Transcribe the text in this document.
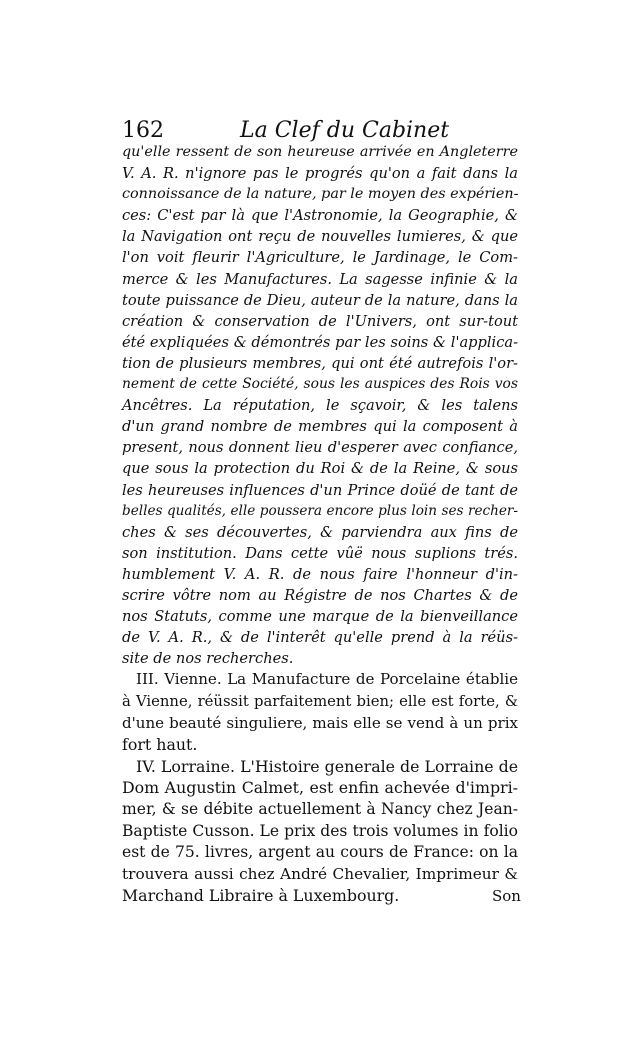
162	La Clef du Cabinet
qu'elle ressent de son heureuse arrivée en Angleterre
V. A. R. n'ignore pas le progrés qu'on a fait dans la
connoissance de la nature, par le moyen des expérien-
ces: C'est par là que l'Astronomie, la Geographie, &
la Navigation ont reçu de nouvelles lumieres, & que
l'on voit fleurir l'Agriculture, le Jardinage, le Com-
merce & les Manufactures. La sagesse infinie & la
toute puissance de Dieu, auteur de la nature, dans la
création & conservation de l'Univers, ont sur-tout
été expliquées & démontrés par les soins & l'applica-
tion de plusieurs membres, qui ont été autrefois l'or-
nement de cette Société, sous les auspices des Rois vos
Ancêtres. La réputation, le sçavoir, & les talens
d'un grand nombre de membres qui la composent à
present, nous donnent lieu d'esperer avec confiance,
que sous la protection du Roi & de la Reine, & sous
les heureuses influences d'un Prince doüé de tant de
belles qualités, elle poussera encore plus loin ses recher-
ches & ses découvertes, & parviendra aux fins de
son institution. Dans cette vûë nous suplions trés.
humblement V. A. R. de nous faire l'honneur d'in-
scrire vôtre nom au Régistre de nos Chartes & de
nos Statuts, comme une marque de la bienveillance
de V. A. R., & de l'interêt qu'elle prend à la réüs-
site de nos recherches.
III. Vienne. La Manufacture de Porcelaine établie
à Vienne, réüssit parfaitement bien; elle est forte, &
d'une beauté singuliere, mais elle se vend à un prix
fort haut.
IV. Lorraine. L'Histoire generale de Lorraine de
Dom Augustin Calmet, est enfin achevée d'impri-
mer, & se débite actuellement à Nancy chez Jean-
Baptiste Cusson. Le prix des trois volumes in folio
est de 75. livres, argent au cours de France: on la
trouvera aussi chez André Chevalier, Imprimeur &
Marchand Libraire à Luxembourg.	Son
